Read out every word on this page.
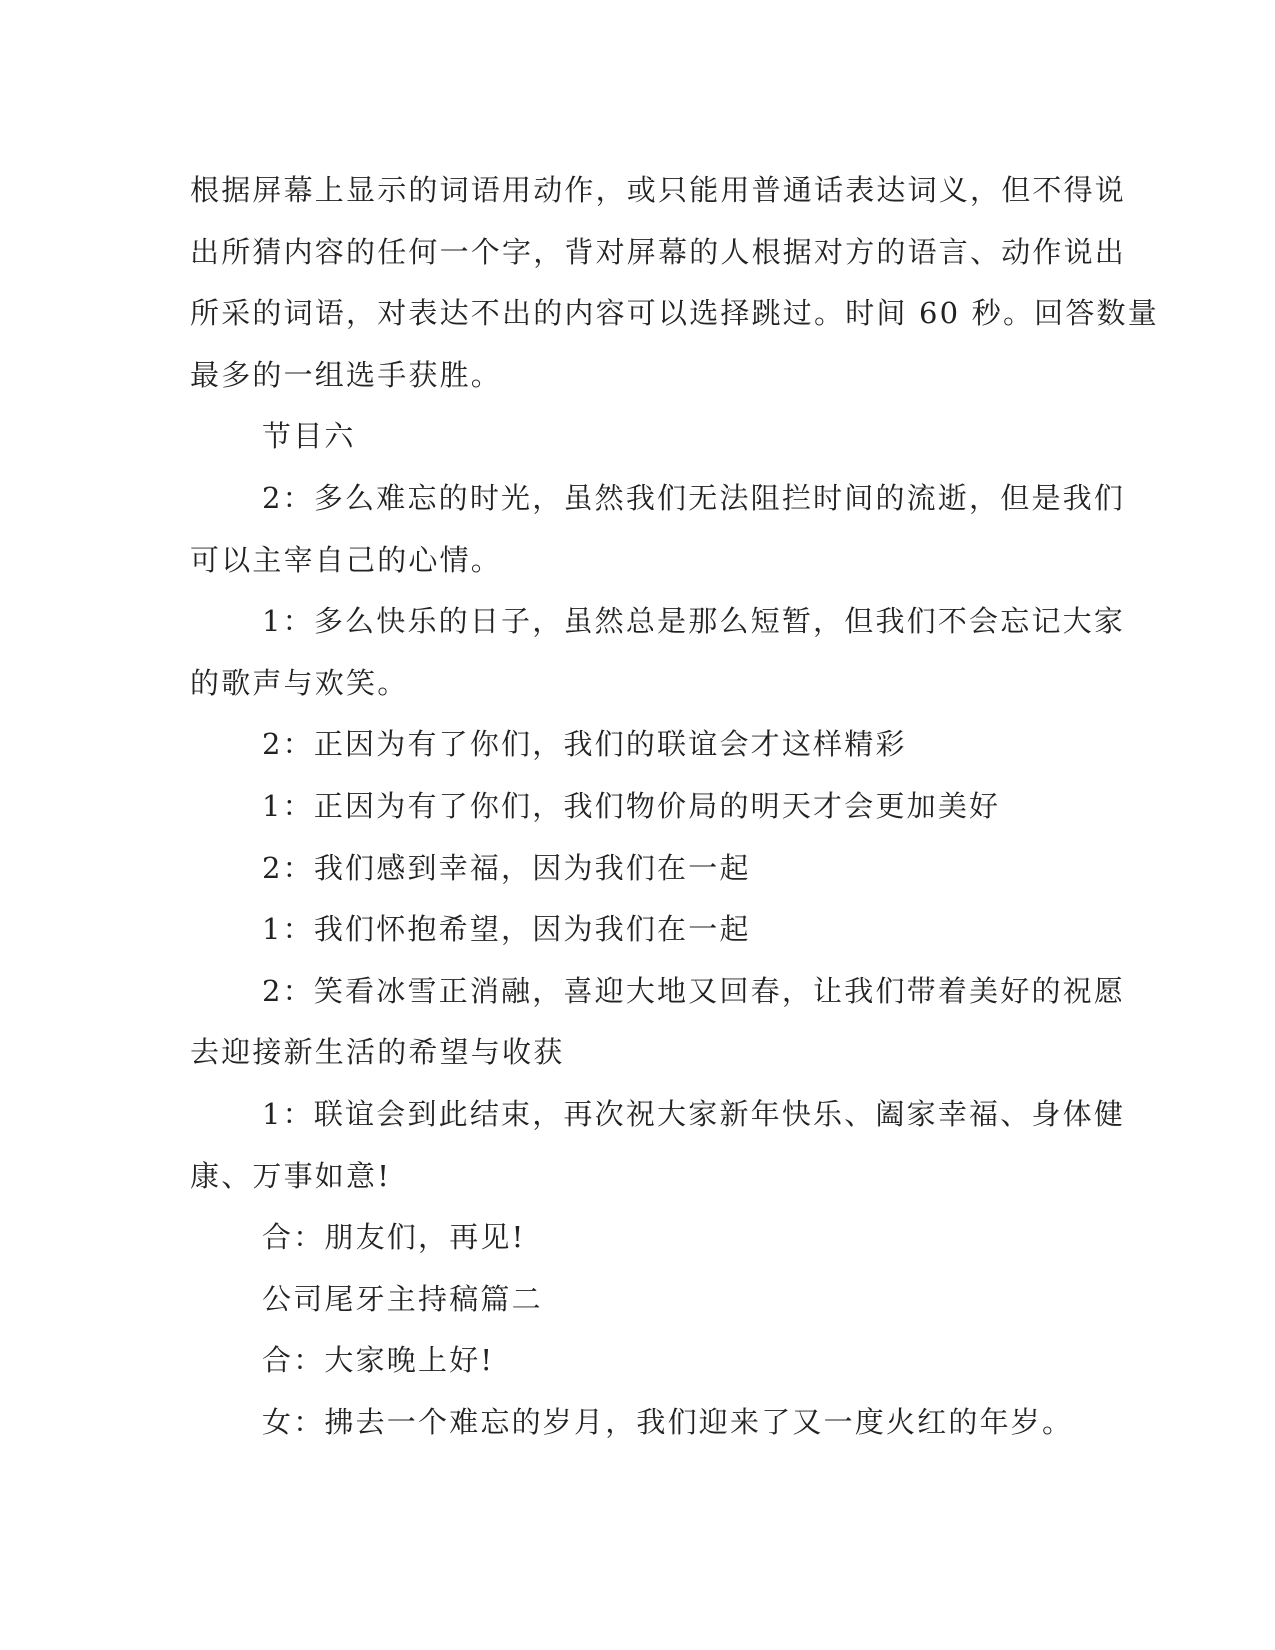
根据屏幕上显示的词语用动作，或只能用普通话表达词义，但不得说
出所猜内容的任何一个字，背对屏幕的人根据对方的语言、动作说出
所采的词语，对表达不出的内容可以选择跳过。时间 60 秒。回答数量
最多的一组选手获胜。

节目六

2：多么难忘的时光，虽然我们无法阻拦时间的流逝，但是我们
可以主宰自己的心情。

1：多么快乐的日子，虽然总是那么短暂，但我们不会忘记大家
的歌声与欢笑。

2：正因为有了你们，我们的联谊会才这样精彩

1：正因为有了你们，我们物价局的明天才会更加美好

2：我们感到幸福，因为我们在一起

1：我们怀抱希望，因为我们在一起

2：笑看冰雪正消融，喜迎大地又回春，让我们带着美好的祝愿
去迎接新生活的希望与收获

1：联谊会到此结束，再次祝大家新年快乐、阖家幸福、身体健
康、万事如意!

合：朋友们，再见!

公司尾牙主持稿篇二

合：大家晚上好!

女：拂去一个难忘的岁月，我们迎来了又一度火红的年岁。
